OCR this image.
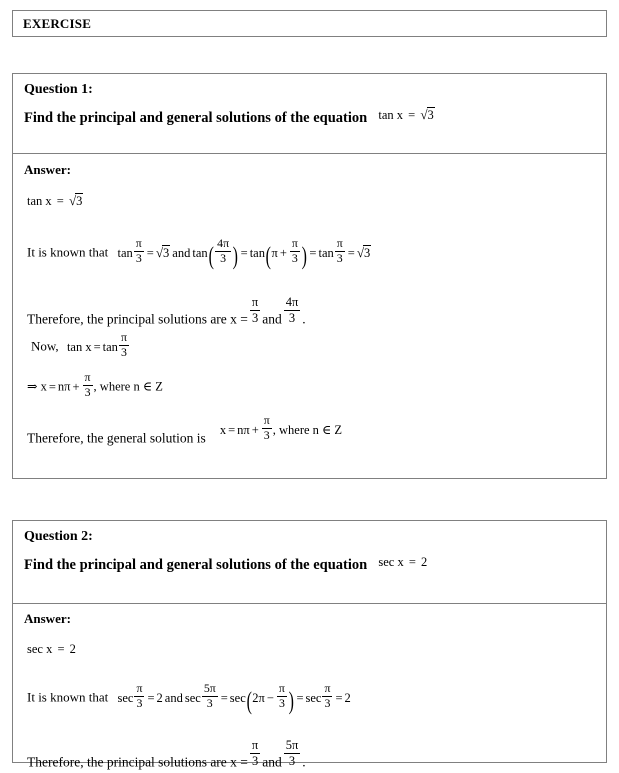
EXERCISE
Question 1:
Find the principal and general solutions of the equation tan x = √3
Answer:
tan x = √3
It is known that $\tan \frac{\pi}{3} = √3$ and $\tan( \frac{4\pi}{3}$ ) = $\tan(\pi + \frac{\pi}{3}$ ) = $\tan \frac{\pi}{3} = √3$
Therefore, the principal solutions are $x = \frac{\pi}{3}$ and $\frac{4\pi}{3}$ .
Now, $\tan x = \tan \frac{\pi}{3}$
⇒ $x = n\pi + \frac{\pi}{3}$ , where n ∈ Z
Therefore, the general solution isx = $n\pi + \frac{\pi}{3}$ , where n ∈ Z
Question 2:
Find the principal and general solutions of the equation sec x = 2
Answer:
sec x = 2
It is known that $\sec \frac{\pi}{3} = 2$ and $\sec \frac{5\pi}{3} = \sec(2\pi - \frac{\pi}{3}$ ) = $\sec \frac{\pi}{3} = 2$
Therefore, the principal solutions are $x = \frac{\pi}{3}$ and $\frac{5\pi}{3}$ .
